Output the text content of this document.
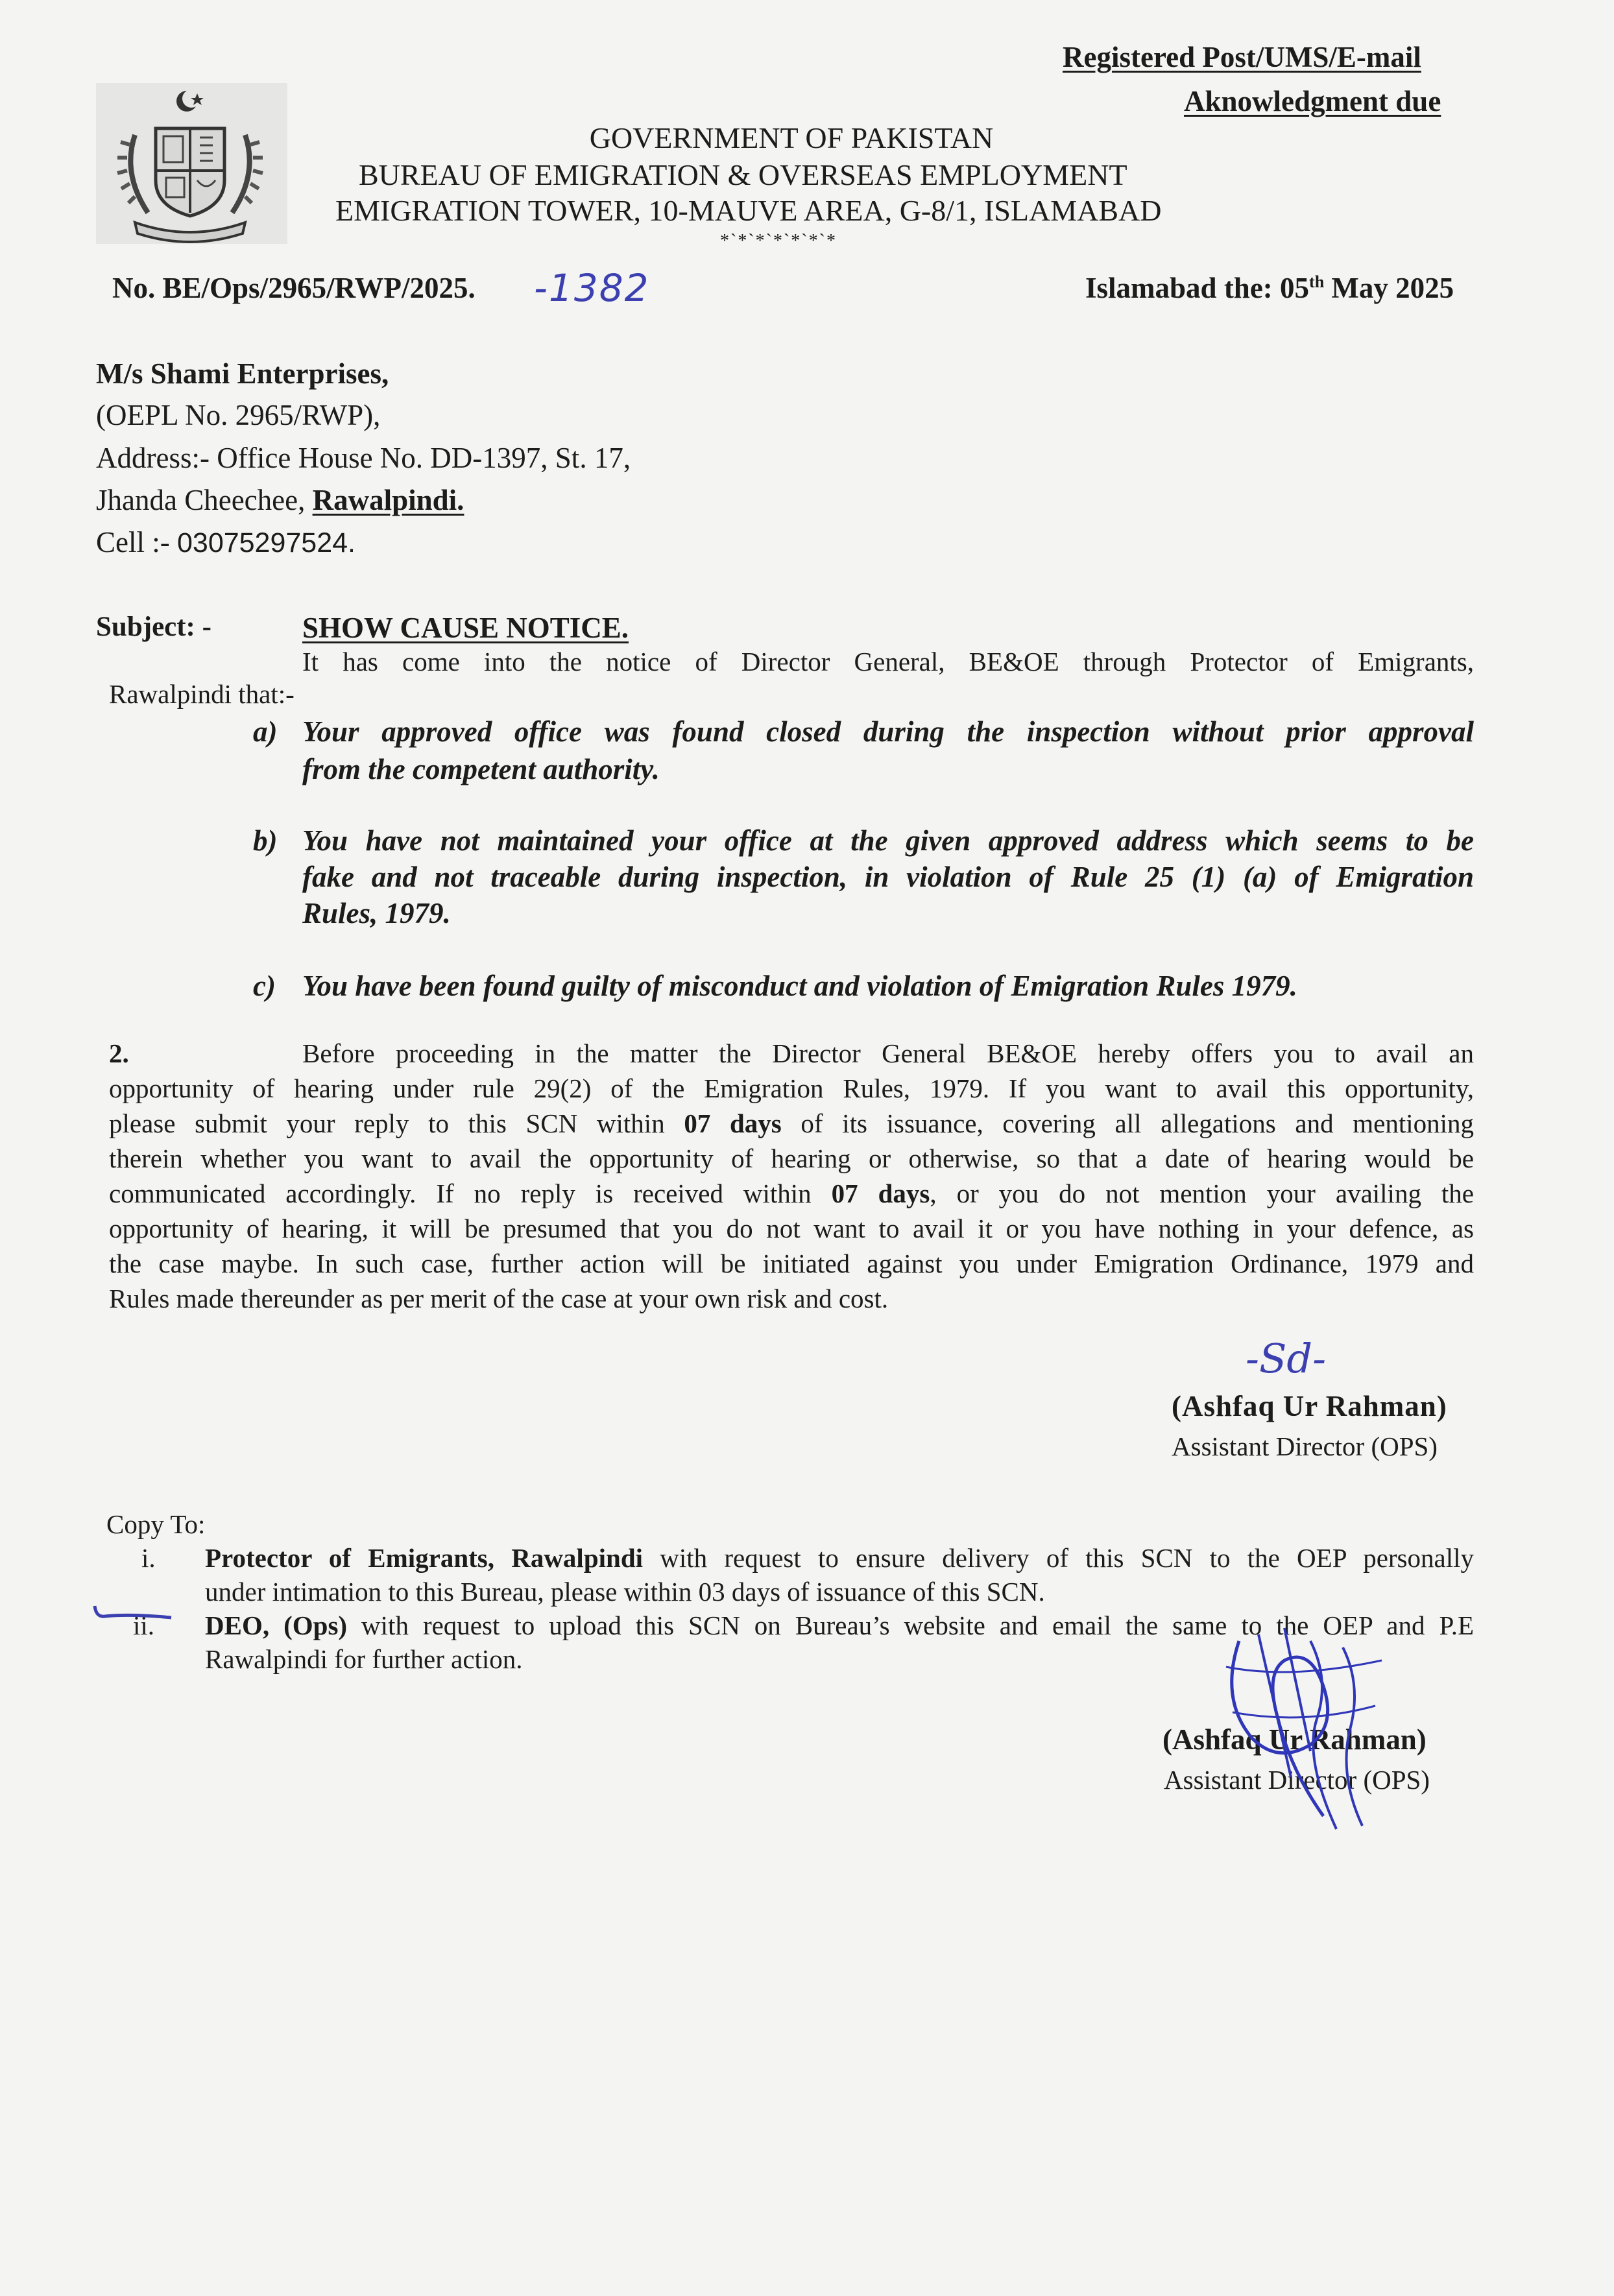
Registered Post/UMS/E-mail
Aknowledgment due
GOVERNMENT OF PAKISTAN
BUREAU OF EMIGRATION & OVERSEAS EMPLOYMENT
EMIGRATION TOWER, 10-MAUVE AREA, G-8/1, ISLAMABAD
*`*`*`*`*`*`*
No. BE/Ops/2965/RWP/2025. -1382	Islamabad the: 05th May 2025
M/s Shami Enterprises,
(OEPL No. 2965/RWP),
Address:- Office House No. DD-1397, St. 17,
Jhanda Cheechee, Rawalpindi.
Cell :- 03075297524.
Subject: -	SHOW CAUSE NOTICE.
It has come into the notice of Director General, BE&OE through Protector of Emigrants,
Rawalpindi that:-
a) Your approved office was found closed during the inspection without prior approval
from the competent authority.
b) You have not maintained your office at the given approved address which seems to be
fake and not traceable during inspection, in violation of Rule 25 (1) (a) of Emigration
Rules, 1979.
c) You have been found guilty of misconduct and violation of Emigration Rules 1979.
2.	Before proceeding in the matter the Director General BE&OE hereby offers you to avail an
opportunity of hearing under rule 29(2) of the Emigration Rules, 1979. If you want to avail this opportunity,
please submit your reply to this SCN within 07 days of its issuance, covering all allegations and mentioning
therein whether you want to avail the opportunity of hearing or otherwise, so that a date of hearing would be
communicated accordingly. If no reply is received within 07 days, or you do not mention your availing the
opportunity of hearing, it will be presumed that you do not want to avail it or you have nothing in your defence, as
the case maybe. In such case, further action will be initiated against you under Emigration Ordinance, 1979 and
Rules made thereunder as per merit of the case at your own risk and cost.
-Sd-
(Ashfaq Ur Rahman)
Assistant Director (OPS)
Copy To:
i. Protector of Emigrants, Rawalpindi with request to ensure delivery of this SCN to the OEP personally
under intimation to this Bureau, please within 03 days of issuance of this SCN.
ii. DEO, (Ops) with request to upload this SCN on Bureau’s website and email the same to the OEP and P.E
Rawalpindi for further action.
(Ashfaq Ur Rahman)
Assistant Director (OPS)
